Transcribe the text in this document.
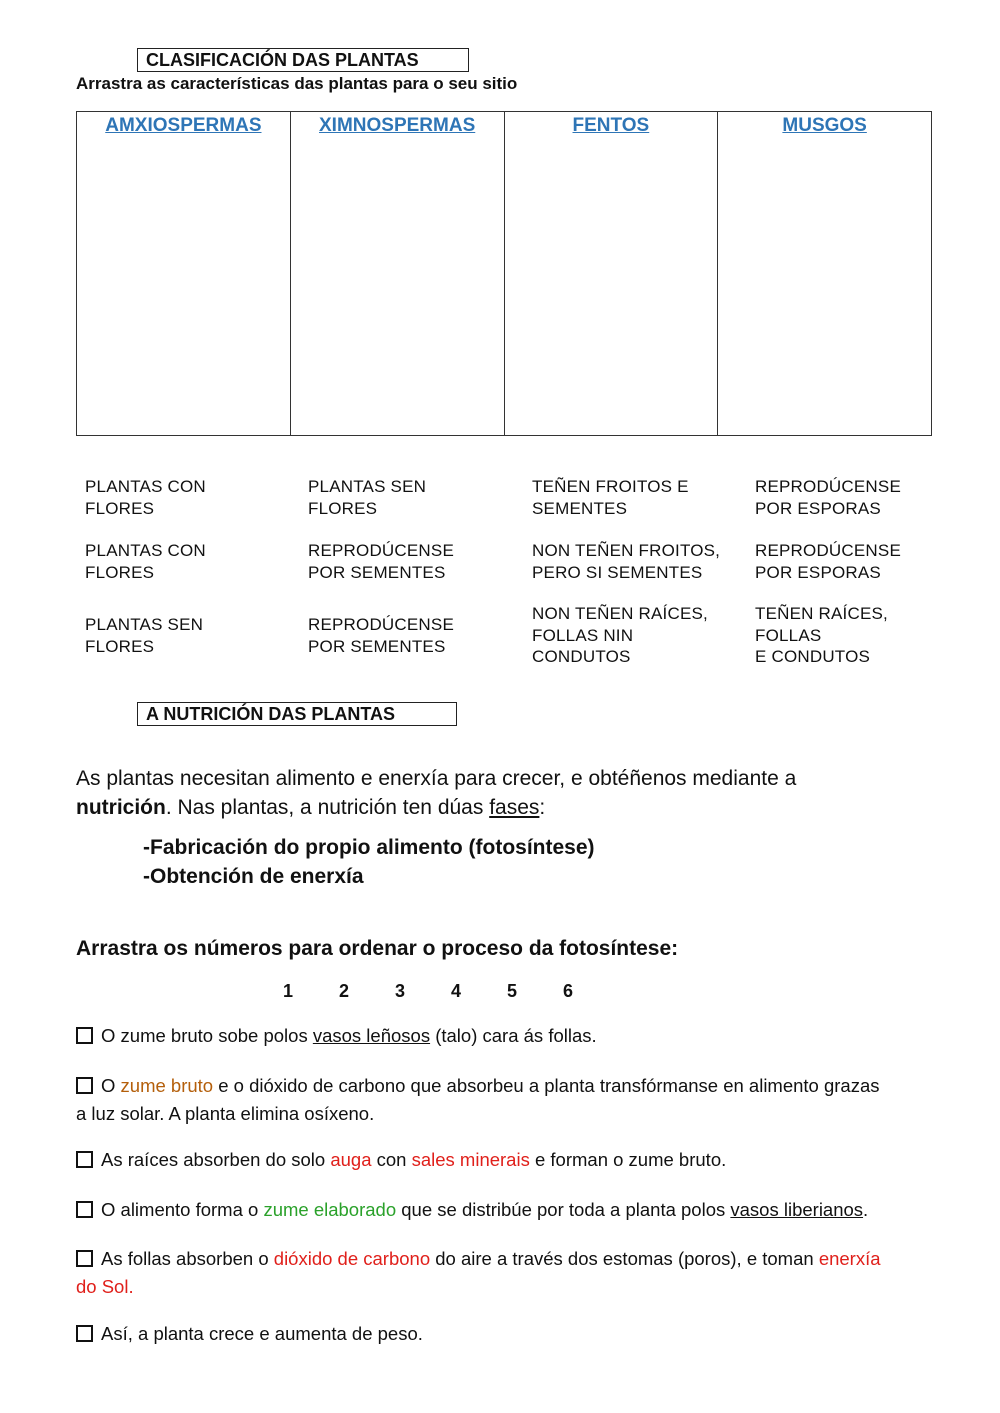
CLASIFICACIÓN DAS PLANTAS
Arrastra as características das plantas para o seu sitio
AMXIOSPERMAS	XIMNOSPERMAS	FENTOS	MUSGOS
PLANTAS CON
FLORES
PLANTAS SEN
FLORES
TEÑEN FROITOS E
SEMENTES
REPRODÚCENSE
POR ESPORAS
PLANTAS CON
FLORES
REPRODÚCENSE
POR SEMENTES
NON TEÑEN FROITOS,
PERO SI SEMENTES
REPRODÚCENSE
POR ESPORAS
PLANTAS SEN
FLORES
REPRODÚCENSE
POR SEMENTES
NON TEÑEN RAÍCES,
FOLLAS NIN
CONDUTOS
TEÑEN RAÍCES,
FOLLAS
E CONDUTOS
A NUTRICIÓN DAS PLANTAS
As plantas necesitan alimento e enerxía para crecer, e obtéñenos mediante a
nutrición. Nas plantas, a nutrición ten dúas fases:
-Fabricación do propio alimento (fotosíntese)
-Obtención de enerxía
Arrastra os números para ordenar o proceso da fotosíntese:
1	2	3	4	5	6
O zume bruto sobe polos vasos leñosos (talo) cara ás follas.
O zume bruto e o dióxido de carbono que absorbeu a planta transfórmanse en alimento grazas
a luz solar. A planta elimina osíxeno.
As raíces absorben do solo auga con sales minerais e forman o zume bruto.
O alimento forma o zume elaborado que se distribúe por toda a planta polos vasos liberianos.
As follas absorben o dióxido de carbono do aire a través dos estomas (poros), e toman enerxía
do Sol.
Así, a planta crece e aumenta de peso.
